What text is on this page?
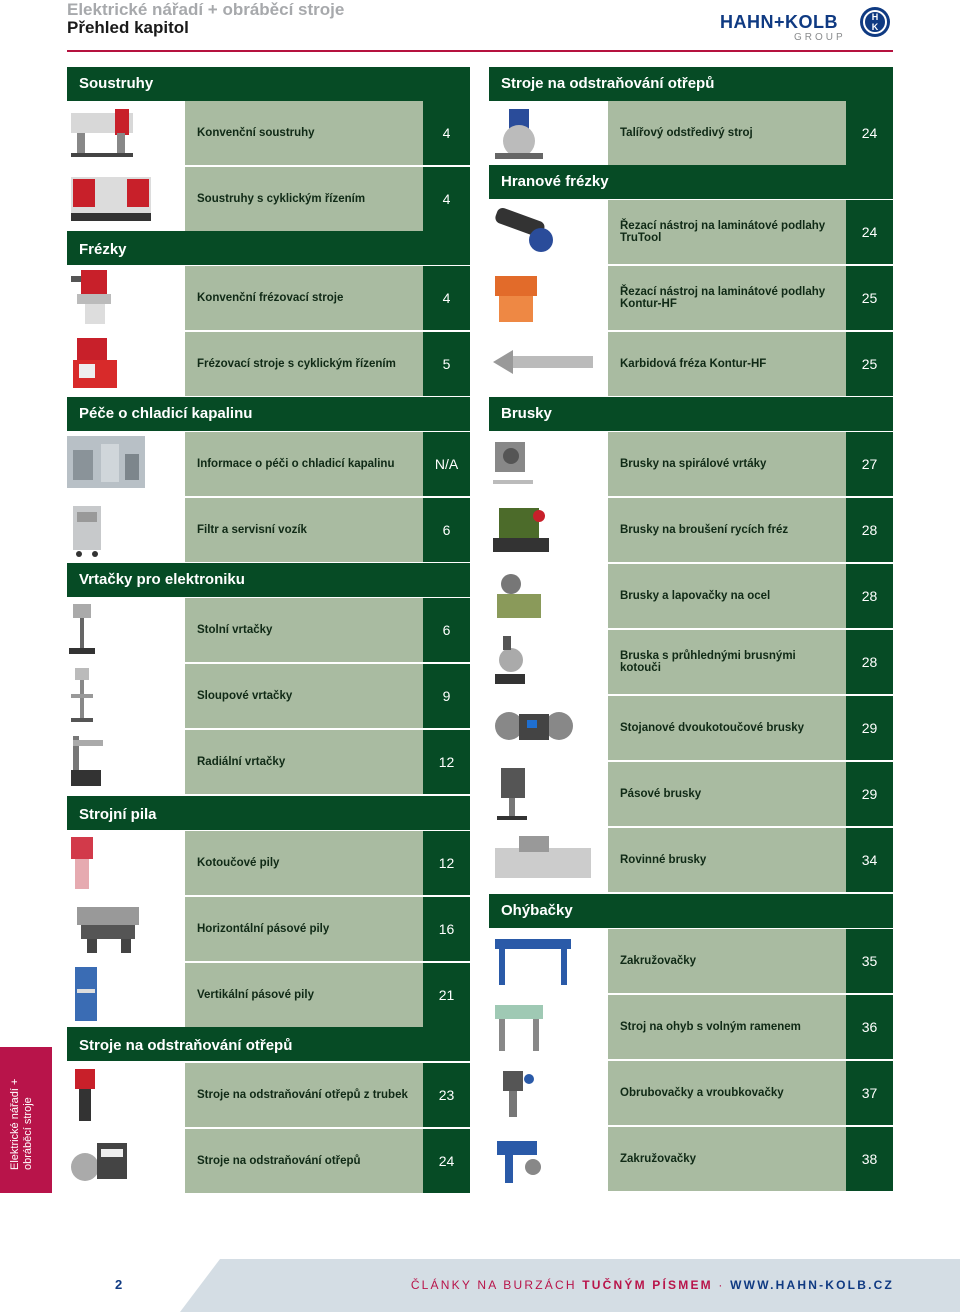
Elektrické nářadí + obráběcí stroje
Přehled kapitol	HAHN+KOLB
GROUP
H
K
Soustruhy
Konvenční soustruhy	4
Soustruhy s cyklickým řízením	4
Frézky
Konvenční frézovací stroje	4
Frézovací stroje s cyklickým řízením	5
Péče o chladicí kapalinu
Informace o péči o chladicí kapalinu	N/A
Filtr a servisní vozík	6
Vrtačky pro elektroniku
Stolní vrtačky	6
Sloupové vrtačky	9
Radiální vrtačky	12
Strojní pila
Kotoučové pily	12
Horizontální pásové pily	16
Vertikální pásové pily	21
Stroje na odstraňování otřepů
Stroje na odstraňování otřepů z trubek	23
Stroje na odstraňování otřepů	24
Stroje na odstraňování otřepů
Talířový odstředivý stroj	24
Hranové frézky
Řezací nástroj na laminátové podlahy TruTool	24
Řezací nástroj na laminátové podlahy Kontur-HF	25
Karbidová fréza Kontur-HF	25
Brusky
Brusky na spirálové vrtáky	27
Brusky na broušení rycích fréz	28
Brusky a lapovačky na ocel	28
Bruska s průhlednými brusnými kotouči	28
Stojanové dvoukotoučové brusky	29
Pásové brusky	29
Rovinné brusky	34
Ohýbačky
Zakružovačky	35
Stroj na ohyb s volným ramenem	36
Obrubovačky a vroubkovačky	37
Zakružovačky	38
Elektrické nářadí + obráběcí stroje
2	ČLÁNKY NA BURZÁCH TUČNÝM PÍSMEM · WWW.HAHN-KOLB.CZ
